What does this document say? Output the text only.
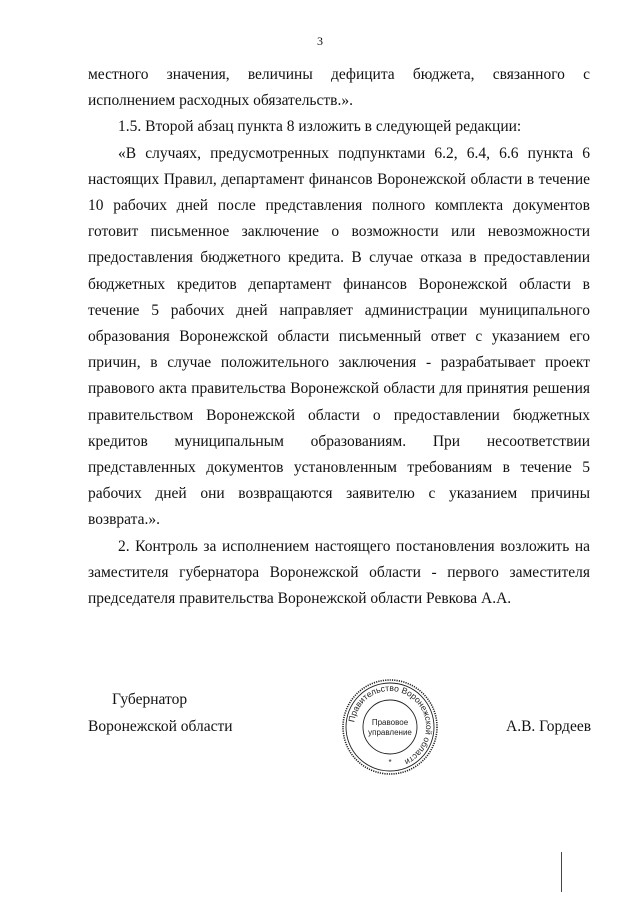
3

местного значения, величины дефицита бюджета, связанного с исполнением расходных обязательств.».

1.5. Второй абзац пункта 8 изложить в следующей редакции:

«В случаях, предусмотренных подпунктами 6.2, 6.4, 6.6 пункта 6 настоящих Правил, департамент финансов Воронежской области в течение 10 рабочих дней после представления полного комплекта документов готовит письменное заключение о возможности или невозможности предоставления бюджетного кредита. В случае отказа в предоставлении бюджетных кредитов департамент финансов Воронежской области в течение 5 рабочих дней направляет администрации муниципального образования Воронежской области письменный ответ с указанием его причин, в случае положительного заключения - разрабатывает проект правового акта правительства Воронежской области для принятия решения правительством Воронежской области о предоставлении бюджетных кредитов муниципальным образованиям. При несоответствии представленных документов установленным требованиям в течение 5 рабочих дней они возвращаются заявителю с указанием причины возврата.».

2. Контроль за исполнением настоящего постановления возложить на заместителя губернатора Воронежской области - первого заместителя председателя правительства Воронежской области Ревкова А.А.

Губернатор
Воронежской области	Правительство Воронежской области
Правовое
управление
*
А.В. Гордеев
